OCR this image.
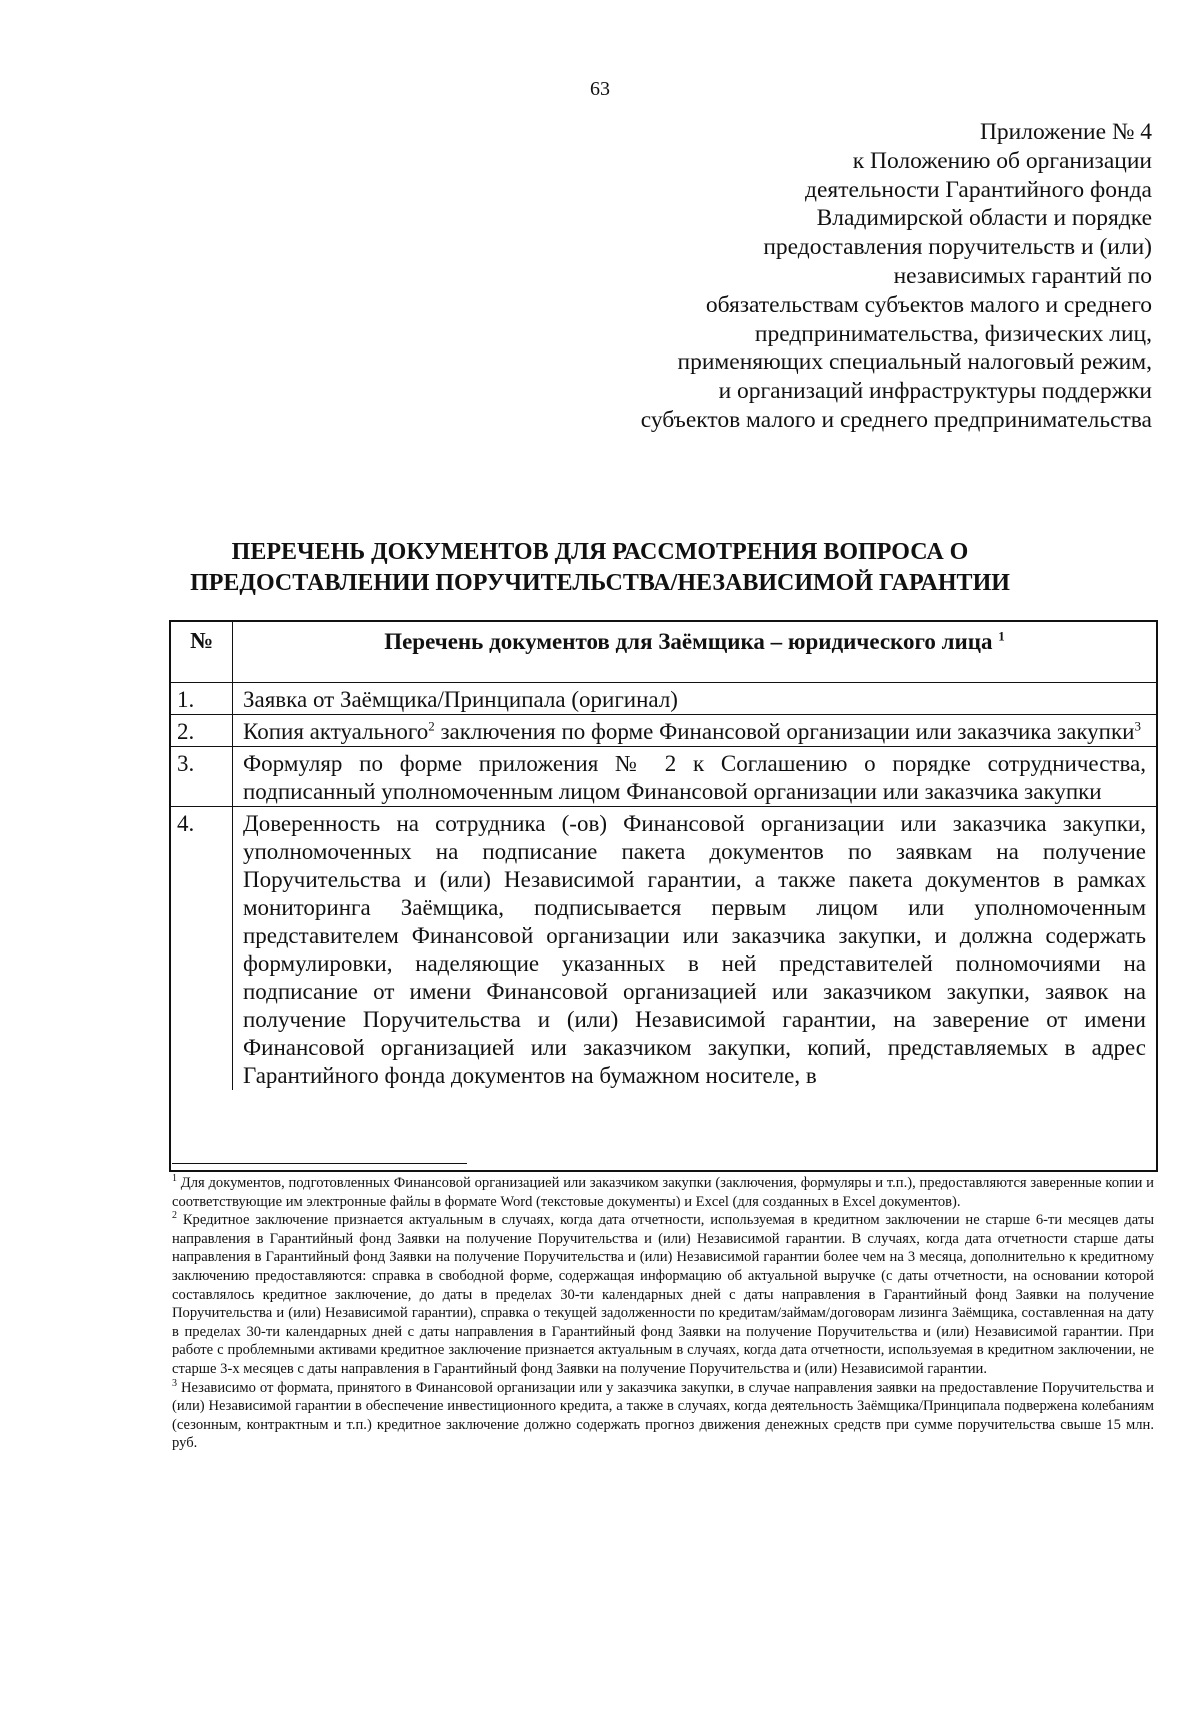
63
Приложение № 4
к Положению об организации
деятельности Гарантийного фонда
Владимирской области и порядке
предоставления поручительств и (или)
независимых гарантий по
обязательствам субъектов малого и среднего
предпринимательства, физических лиц,
применяющих специальный налоговый режим,
и организаций инфраструктуры поддержки
субъектов малого и среднего предпринимательства
ПЕРЕЧЕНЬ ДОКУМЕНТОВ ДЛЯ РАССМОТРЕНИЯ ВОПРОСА О
ПРЕДОСТАВЛЕНИИ ПОРУЧИТЕЛЬСТВА/НЕЗАВИСИМОЙ ГАРАНТИИ
№	Перечень документов для Заёмщика – юридического лица $^1$
1.	Заявка от Заёмщика/Принципала (оригинал)
2.	Копия актуального$^2$ заключения по форме Финансовой организации или заказчика закупки$^3$
3.	Формуляр по форме приложения № 2 к Соглашению о порядке сотрудничества, подписанный уполномоченным лицом Финансовой организации или заказчика закупки
4.	Доверенность на сотрудника (-ов) Финансовой организации или заказчика закупки, уполномоченных на подписание пакета документов по заявкам на получение Поручительства и (или) Независимой гарантии, а также пакета документов в рамках мониторинга Заёмщика, подписывается первым лицом или уполномоченным представителем Финансовой организации или заказчика закупки, и должна содержать формулировки, наделяющие указанных в ней представителей полномочиями на подписание от имени Финансовой организацией или заказчиком закупки, заявок на получение Поручительства и (или) Независимой гарантии, на заверение от имени Финансовой организацией или заказчиком закупки, копий, представляемых в адрес Гарантийного фонда документов на бумажном носителе, в

$^1$ Для документов, подготовленных Финансовой организацией или заказчиком закупки (заключения, формуляры и т.п.), предоставляются заверенные копии и соответствующие им электронные файлы в формате Word (текстовые документы) и Excel (для созданных в Excel документов).

$^2$ Кредитное заключение признается актуальным в случаях, когда дата отчетности, используемая в кредитном заключении не старше 6-ти месяцев даты направления в Гарантийный фонд Заявки на получение Поручительства и (или) Независимой гарантии. В случаях, когда дата отчетности старше даты направления в Гарантийный фонд Заявки на получение Поручительства и (или) Независимой гарантии более чем на 3 месяца, дополнительно к кредитному заключению предоставляются: справка в свободной форме, содержащая информацию об актуальной выручке (с даты отчетности, на основании которой составлялось кредитное заключение, до даты в пределах 30-ти календарных дней с даты направления в Гарантийный фонд Заявки на получение Поручительства и (или) Независимой гарантии), справка о текущей задолженности по кредитам/займам/договорам лизинга Заёмщика, составленная на дату в пределах 30-ти календарных дней с даты направления в Гарантийный фонд Заявки на получение Поручительства и (или) Независимой гарантии. При работе с проблемными активами кредитное заключение признается актуальным в случаях, когда дата отчетности, используемая в кредитном заключении, не старше 3-х месяцев с даты направления в Гарантийный фонд Заявки на получение Поручительства и (или) Независимой гарантии.

$^3$ Независимо от формата, принятого в Финансовой организации или у заказчика закупки, в случае направления заявки на предоставление Поручительства и (или) Независимой гарантии в обеспечение инвестиционного кредита, а также в случаях, когда деятельность Заёмщика/Принципала подвержена колебаниям (сезонным, контрактным и т.п.) кредитное заключение должно содержать прогноз движения денежных средств при сумме поручительства свыше 15 млн. руб.
